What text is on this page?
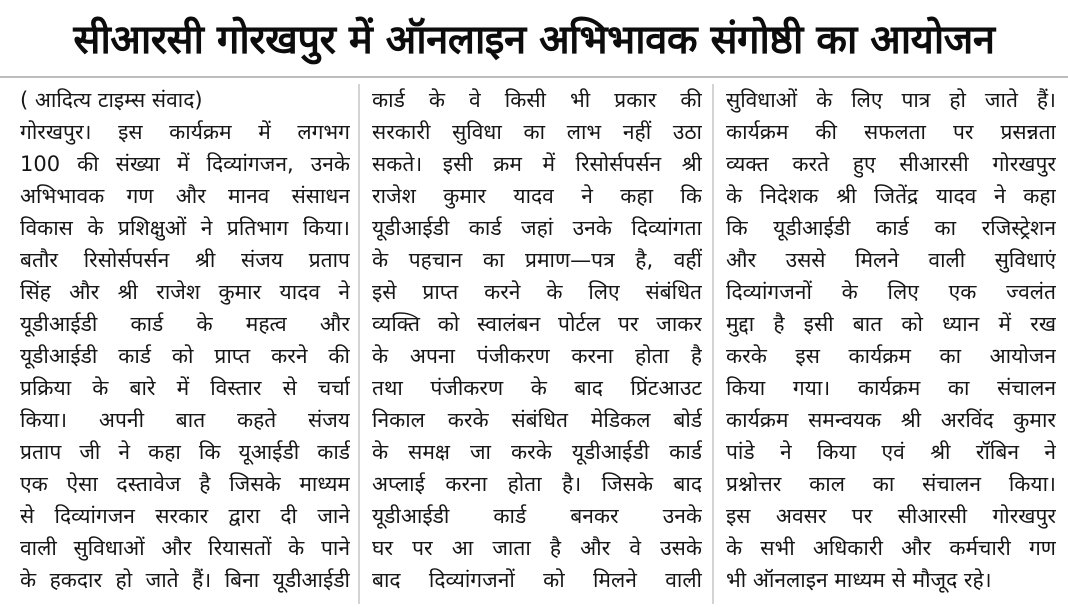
सीआरसी गोरखपुर में ऑनलाइन अभिभावक संगोष्ठी का आयोजन
( आदित्य टाइम्स संवाद)
गोरखपुर। इस कार्यक्रम में लगभग
100 की संख्या में दिव्यांगजन, उनके
अभिभावक गण और मानव संसाधन
विकास के प्रशिक्षुओं ने प्रतिभाग किया।
बतौर रिसोर्सपर्सन श्री संजय प्रताप
सिंह और श्री राजेश कुमार यादव ने
यूडीआईडी कार्ड के महत्व और
यूडीआईडी कार्ड को प्राप्त करने की
प्रक्रिया के बारे में विस्तार से चर्चा
किया। अपनी बात कहते संजय
प्रताप जी ने कहा कि यूआईडी कार्ड
एक ऐसा दस्तावेज है जिसके माध्यम
से दिव्यांगजन सरकार द्वारा दी जाने
वाली सुविधाओं और रियासतों के पाने
के हकदार हो जाते हैं। बिना यूडीआईडी
कार्ड के वे किसी भी प्रकार की
सरकारी सुविधा का लाभ नहीं उठा
सकते। इसी क्रम में रिसोर्सपर्सन श्री
राजेश कुमार यादव ने कहा कि
यूडीआईडी कार्ड जहां उनके दिव्यांगता
के पहचान का प्रमाण—पत्र है, वहीं
इसे प्राप्त करने के लिए संबंधित
व्यक्ति को स्वालंबन पोर्टल पर जाकर
के अपना पंजीकरण करना होता है
तथा पंजीकरण के बाद प्रिंटआउट
निकाल करके संबंधित मेडिकल बोर्ड
के समक्ष जा करके यूडीआईडी कार्ड
अप्लाई करना होता है। जिसके बाद
यूडीआईडी कार्ड बनकर उनके
घर पर आ जाता है और वे उसके
बाद दिव्यांगजनों को मिलने वाली
सुविधाओं के लिए पात्र हो जाते हैं।
कार्यक्रम की सफलता पर प्रसन्नता
व्यक्त करते हुए सीआरसी गोरखपुर
के निदेशक श्री जितेंद्र यादव ने कहा
कि यूडीआईडी कार्ड का रजिस्ट्रेशन
और उससे मिलने वाली सुविधाएं
दिव्यांगजनों के लिए एक ज्वलंत
मुद्दा है इसी बात को ध्यान में रख
करके इस कार्यक्रम का आयोजन
किया गया। कार्यक्रम का संचालन
कार्यक्रम समन्वयक श्री अरविंद कुमार
पांडे ने किया एवं श्री रॉबिन ने
प्रश्नोत्तर काल का संचालन किया।
इस अवसर पर सीआरसी गोरखपुर
के सभी अधिकारी और कर्मचारी गण
भी ऑनलाइन माध्यम से मौजूद रहे।
